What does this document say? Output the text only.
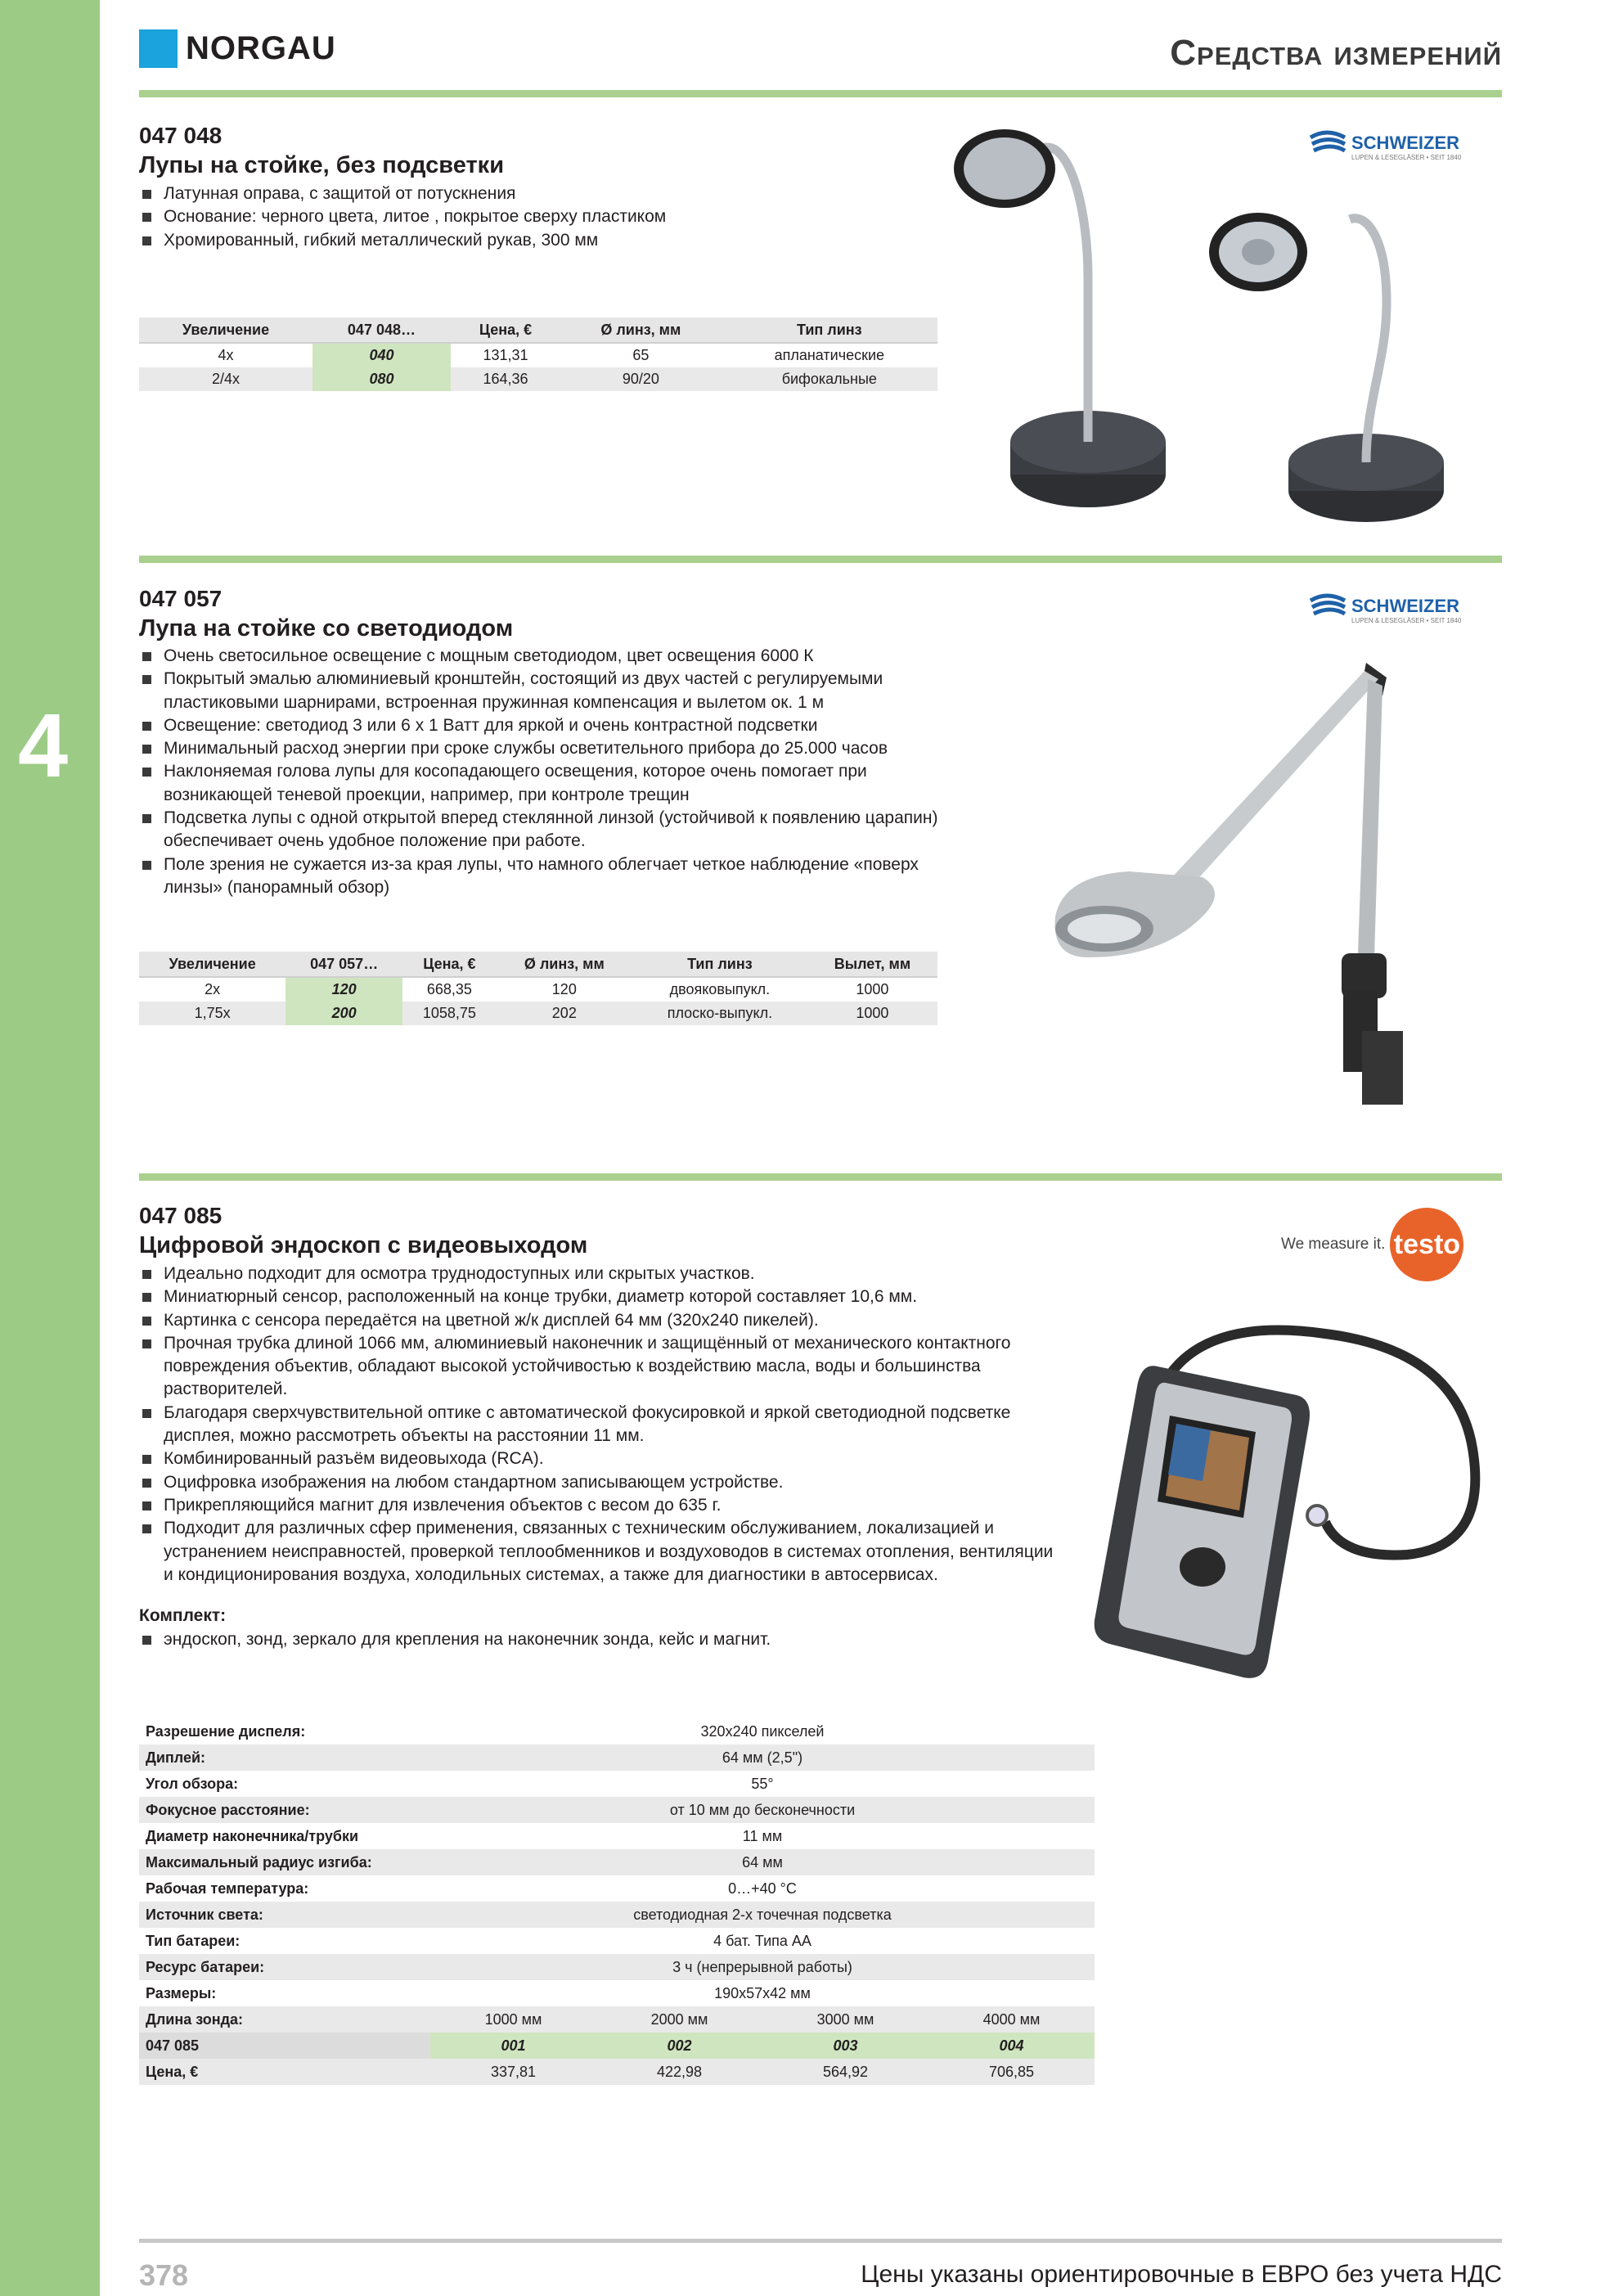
4
NORGAU	Средства измерений
047 048
Лупы на стойке, без подсветки
Латунная оправа, с защитой от потускнения
Основание: черного цвета, литое , покрытое сверху пластиком
Хромированный, гибкий металлический рукав, 300 мм
SCHWEIZER
LUPEN & LESEGLÄSER • SEIT 1840
Увеличение	047 048…	Цена, €	Ø линз, мм	Тип линз
4x	040	131,31	65	апланатические
2/4x	080	164,36	90/20	бифокальные
047 057
Лупа на стойке со светодиодом
Очень светосильное освещение с мощным светодиодом, цвет освещения 6000 К
Покрытый эмалью алюминиевый кронштейн, состоящий из двух частей с регулируемыми пластиковыми шарнирами, встроенная пружинная компенсация и вылетом ок. 1 м
Освещение: светодиод 3 или 6 x 1 Ватт для яркой и очень контрастной подсветки
Минимальный расход энергии при сроке службы осветительного прибора до 25.000 часов
Наклоняемая голова лупы для косопадающего освещения, которое очень помогает при возникающей теневой проекции, например, при контроле трещин
Подсветка лупы с одной открытой вперед стеклянной линзой (устойчивой к появлению царапин) обеспечивает очень удобное положение при работе.
Поле зрения не сужается из-за края лупы, что намного облегчает четкое наблюдение «поверх линзы» (панорамный обзор)
SCHWEIZER
LUPEN & LESEGLÄSER • SEIT 1840
Увеличение	047 057…	Цена, €	Ø линз, мм	Тип линз	Вылет, мм
2x	120	668,35	120	двояковыпукл.	1000
1,75x	200	1058,75	202	плоско-выпукл.	1000
047 085
Цифровой эндоскоп с видеовыходом
Идеально подходит для осмотра труднодоступных или скрытых участков.
Миниатюрный сенсор, расположенный на конце трубки, диаметр которой составляет 10,6 мм.
Картинка с сенсора передаётся на цветной ж/к дисплей 64 мм (320x240 пикелей).
Прочная трубка длиной 1066 мм, алюминиевый наконечник и защищённый от механического контактного повреждения объектив, обладают высокой устойчивостью к воздействию масла, воды и большинства растворителей.
Благодаря сверхчувствительной оптике с автоматической фокусировкой и яркой светодиодной подсветке дисплея, можно рассмотреть объекты на расстоянии 11 мм.
Комбинированный разъём видеовыхода (RCA).
Оцифровка изображения на любом стандартном записывающем устройстве.
Прикрепляющийся магнит для извлечения объектов с весом до 635 г.
Подходит для различных сфер применения, связанных с техническим обслуживанием, локализацией и устранением неисправностей, проверкой теплообменников и воздуховодов в системах отопления, вентиляции и кондиционирования воздуха, холодильных системах, а также для диагностики в автосервисах.
Комплект:
эндоскоп, зонд, зеркало для крепления на наконечник зонда, кейс и магнит.
We measure it. testo
Разрешение диспеля:	320x240 пикселей			
Диплей:	64 мм (2,5")			
Угол обзора:	55°			
Фокусное расстояние:	от 10 мм до бесконечности			
Диаметр наконечника/трубки	11 мм			
Максимальный радиус изгиба:	64 мм			
Рабочая температура:	0…+40 °C			
Источник света:	светодиодная 2-х точечная подсветка			
Тип батареи:	4 бат. Типа АА			
Ресурс батареи:	3 ч (непрерывной работы)			
Размеры:	190x57x42 мм			
Длина зонда:	1000 мм	2000 мм	3000 мм	4000 мм
047 085	001	002	003	004
Цена, €	337,81	422,98	564,92	706,85
378	Цены указаны ориентировочные в ЕВРО без учета НДС
